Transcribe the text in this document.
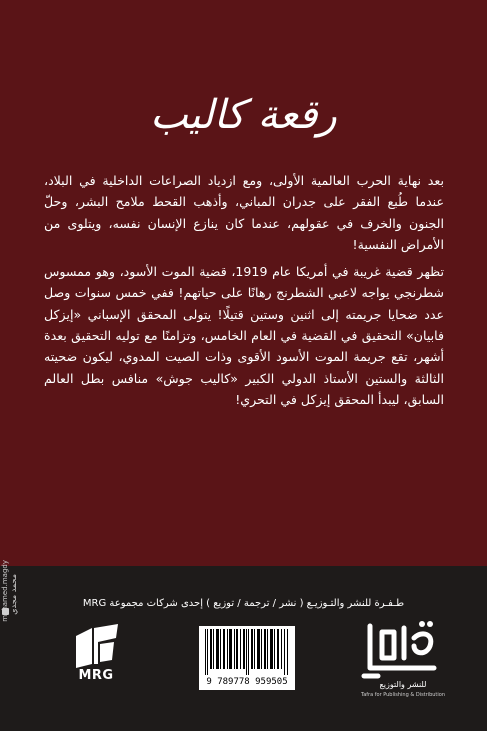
رقعة كاليب

بعد نهاية الحرب العالمية الأولى، ومع ازدياد الصراعات الداخلية في البلاد، عندما طُبع الفقر على جدران المباني، وأذهب القحط ملامح البشر، وحلّ الجنون والخرف في عقولهم، عندما كان ينازع الإنسان نفسه، ويتلوى من الأمراض النفسية!

تظهر قضية غريبة في أمريكا عام 1919، قضية الموت الأسود، وهو ممسوس شطرنجي يواجه لاعبي الشطرنج رهانًا على حياتهم! ففي خمس سنوات وصل عدد ضحايا جريمته إلى اثنين وستين قتيلًا! يتولى المحقق الإسباني «إيزكل فابيان» التحقيق في القضية في العام الخامس، وتزامنًا مع توليه التحقيق بعدة أشهر، تقع جريمة الموت الأسود الأقوى وذات الصيت المدوي، ليكون ضحيته الثالثة والستين الأستاذ الدولي الكبير «كاليب جوش» منافس بطل العالم السابق، ليبدأ المحقق إيزكل في التحري!

mohamed.magdy محمد مجدي	طـفـرة للنشر والتـوزيـع ( نشر / ترجمة / توزيع ) إحدى شركات مجموعة MRG
MRG	9 789778 959505	للنشر والتوزيع
Tafra for Publishing & Distribution
